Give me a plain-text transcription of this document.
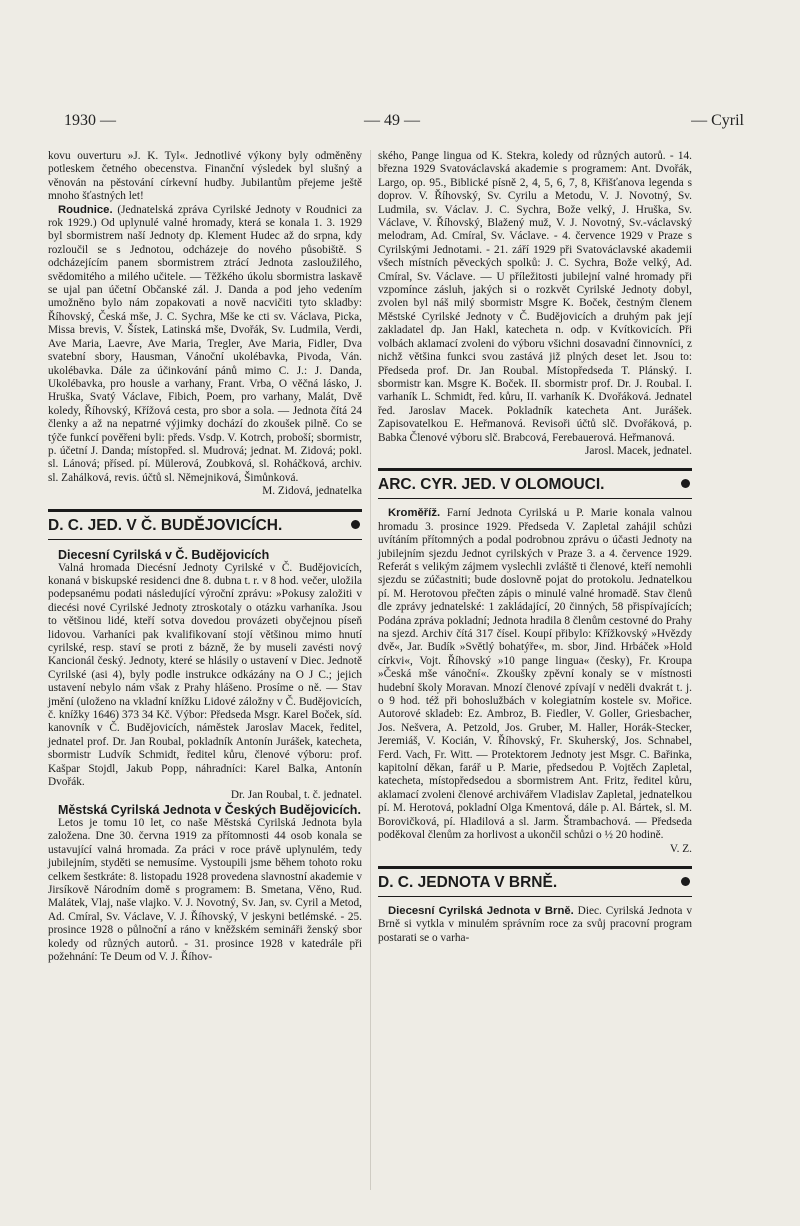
1930 —	— 49 —	— Cyril

kovu ouverturu »J. K. Tyl«. Jednotlivé výkony byly odměněny potleskem četného obecenstva. Finanční výsledek byl slušný a věnován na pěstování církevní hudby. Jubilantům přejeme ještě mnoho šťastných let!

Roudnice. (Jednatelská zpráva Cyrilské Jednoty v Roudnici za rok 1929.) Od uplynulé valné hromady, která se konala 1. 3. 1929 byl sbormistrem naší Jednoty dp. Klement Hudec až do srpna, kdy rozloučil se s Jednotou, odcházeje do nového působiště. S odcházejícím panem sbormistrem ztrácí Jednota zasloužilého, svědomitého a milého učitele. — Těžkého úkolu sbormistra laskavě se ujal pan účetní Občanské zál. J. Danda a pod jeho vedením umožněno bylo nám zopakovati a nově nacvičiti tyto skladby: Říhovský, Česká mše, J. C. Sychra, Mše ke cti sv. Václava, Picka, Missa brevis, V. Šístek, Latinská mše, Dvořák, Sv. Ludmila, Verdi, Ave Maria, Laevre, Ave Maria, Tregler, Ave Maria, Fidler, Dva svatební sbory, Hausman, Vánoční ukolébavka, Pivoda, Ván. ukolébavka. Dále za účinkování pánů mimo C. J.: J. Danda, Ukolébavka, pro housle a varhany, Frant. Vrba, O věčná lásko, J. Hruška, Svatý Václave, Fibich, Poem, pro varhany, Malát, Dvě koledy, Říhovský, Křížová cesta, pro sbor a sola. — Jednota čítá 24 členky a až na nepatrné výjimky dochází do zkoušek pilně. Co se týče funkcí pověřeni byli: předs. Vsdp. V. Kotrch, proboší; sbormistr, p. účetní J. Danda; místopřed. sl. Mudrová; jednat. M. Zidová; pokl. sl. Lánová; přísed. pí. Mülerová, Zoubková, sl. Roháčková, archiv. sl. Zahálková, revis. účtů sl. Němejniková, Šimůnková.

M. Zidová, jednatelka

D. C. JED. V Č. BUDĚJOVICÍCH.

Diecesní Cyrilská v Č. Budějovicích

Valná hromada Diecésní Jednoty Cyrilské v Č. Budějovicích, konaná v biskupské residenci dne 8. dubna t. r. v 8 hod. večer, uložila podepsanému podati následující výroční zprávu: »Pokusy založiti v diecési nové Cyrilské Jednoty ztroskotaly o otázku varhaníka. Jsou to většinou lidé, kteří sotva dovedou provázeti obyčejnou píseň lidovou. Varhaníci pak kvalifikovaní stojí většinou mimo hnutí cyrilské, resp. staví se proti z bázně, že by museli zavésti nový Kancionál český. Jednoty, které se hlásily o ustavení v Diec. Jednotě Cyrilské (asi 4), byly podle instrukce odkázány na O J C.; jejich ustavení nebylo nám však z Prahy hlášeno. Prosíme o ně. — Stav jmění (uloženo na vkladní knížku Lidové záložny v Č. Budějovicích, č. knížky 1646) 373 34 Kč. Výbor: Předseda Msgr. Karel Boček, síd. kanovník v Č. Budějovicích, náměstek Jaroslav Macek, ředitel, jednatel prof. Dr. Jan Roubal, pokladník Antonín Jurášek, katecheta, sbormistr Ludvík Schmidt, ředitel kůru, členové výboru: prof. Kašpar Stojdl, Jakub Popp, náhradníci: Karel Balka, Antonín Dvořák.

Dr. Jan Roubal, t. č. jednatel.

Městská Cyrilská Jednota v Českých Budějovicích.

Letos je tomu 10 let, co naše Městská Cyrilská Jednota byla založena. Dne 30. června 1919 za přítomnosti 44 osob konala se ustavující valná hromada. Za práci v roce právě uplynulém, tedy jubilejním, styděti se nemusíme. Vystoupili jsme během tohoto roku celkem šestkráte: 8. listopadu 1928 provedena slavnostní akademie v Jirsíkově Národním domě s programem: B. Smetana, Věno, Rud. Malátek, Vlaj, naše vlajko. V. J. Novotný, Sv. Jan, sv. Cyril a Metod, Ad. Cmíral, Sv. Václave, V. J. Říhovský, V jeskyni betlémské. - 25. prosince 1928 o půlnoční a ráno v kněžském semináři ženský sbor koledy od různých autorů. - 31. prosince 1928 v katedrále při požehnání: Te Deum od V. J. Říhov-

ského, Pange lingua od K. Stekra, koledy od různých autorů. - 14. března 1929 Svatováclavská akademie s programem: Ant. Dvořák, Largo, op. 95., Biblické písně 2, 4, 5, 6, 7, 8, Křišťanova legenda s doprov. V. Říhovský, Sv. Cyrilu a Metodu, V. J. Novotný, Sv. Ludmila, sv. Václav. J. C. Sychra, Bože velký, J. Hruška, Sv. Václave, V. Říhovský, Blažený muž, V. J. Novotný, Sv.-václavský melodram, Ad. Cmíral, Sv. Václave. - 4. července 1929 v Praze s Cyrilskými Jednotami. - 21. září 1929 při Svatováclavské akademii všech místních pěveckých spolků: J. C. Sychra, Bože velký, Ad. Cmíral, Sv. Václave. — U příležitosti jubilejní valné hromady při vzpomínce zásluh, jakých si o rozkvět Cyrilské Jednoty dobyl, zvolen byl náš milý sbormistr Msgre K. Boček, čestným členem Městské Cyrilské Jednoty v Č. Budějovicích a druhým pak její zakladatel dp. Jan Hakl, katecheta n. odp. v Kvítkovicích. Při volbách aklamací zvoleni do výboru všichni dosavadní činnovníci, z nichž většina funkci svou zastává již plných deset let. Jsou to: Předseda prof. Dr. Jan Roubal. Místopředseda T. Plánský. I. sbormistr kan. Msgre K. Boček. II. sbormistr prof. Dr. J. Roubal. I. varhaník L. Schmidt, řed. kůru, II. varhaník K. Dvořáková. Jednatel řed. Jaroslav Macek. Pokladník katecheta Ant. Jurášek. Zapisovatelkou E. Heřmanová. Revisoři účtů slč. Dvořáková, p. Babka Členové výboru slč. Brabcová, Ferebauerová. Heřmanová.

Jarosl. Macek, jednatel.

ARC. CYR. JED. V OLOMOUCI.

Kroměříž. Farní Jednota Cyrilská u P. Marie konala valnou hromadu 3. prosince 1929. Předseda V. Zapletal zahájil schůzi uvítáním přítomných a podal podrobnou zprávu o účasti Jednoty na jubilejním sjezdu Jednot cyrilských v Praze 3. a 4. července 1929. Referát s velikým zájmem vyslechli zvláště ti členové, kteří nemohli sjezdu se zúčastniti; bude doslovně pojat do protokolu. Jednatelkou pí. M. Herotovou přečten zápis o minulé valné hromadě. Stav členů dle zprávy jednatelské: 1 zakládající, 20 činných, 58 přispívajících; Podána zpráva pokladní; Jednota hradila 8 členům cestovné do Prahy na sjezd. Archiv čítá 317 čísel. Koupí přibylo: Křížkovský »Hvězdy dvě«, Jar. Budík »Světlý bohatýře«, m. sbor, Jind. Hrbáček »Hold církvi«, Vojt. Říhovský »10 pange lingua« (česky), Fr. Kroupa »Česká mše vánoční«. Zkoušky zpěvní konaly se v místnosti hudební školy Moravan. Mnozí členové zpívají v neděli dvakrát t. j. o 9 hod. též při bohoslužbách v kolegiatním kostele sv. Mořice. Autorové skladeb: Ez. Ambroz, B. Fiedler, V. Goller, Griesbacher, Jos. Nešvera, A. Petzold, Jos. Gruber, M. Haller, Horák-Stecker, Jeremiáš, V. Kocián, V. Říhovský, Fr. Skuherský, Jos. Schnabel, Ferd. Vach, Fr. Witt. — Protektorem Jednoty jest Msgr. C. Bařinka, kapitolní děkan, farář u P. Marie, předsedou P. Vojtěch Zapletal, katecheta, místopředsedou a sbormistrem Ant. Fritz, ředitel kůru, aklamací zvoleni členové archivářem Vladislav Zapletal, jednatelkou pí. M. Herotová, pokladní Olga Kmentová, dále p. Al. Bártek, sl. M. Borovičková, pí. Hladilová a sl. Jarm. Štrambachová. — Předseda poděkoval členům za horlivost a ukončil schůzi o ½ 20 hodině.

V. Z.

D. C. JEDNOTA V BRNĚ.

Diecesní Cyrilská Jednota v Brně. Diec. Cyrilská Jednota v Brně si vytkla v minulém správním roce za svůj pracovní program postarati se o varha-
